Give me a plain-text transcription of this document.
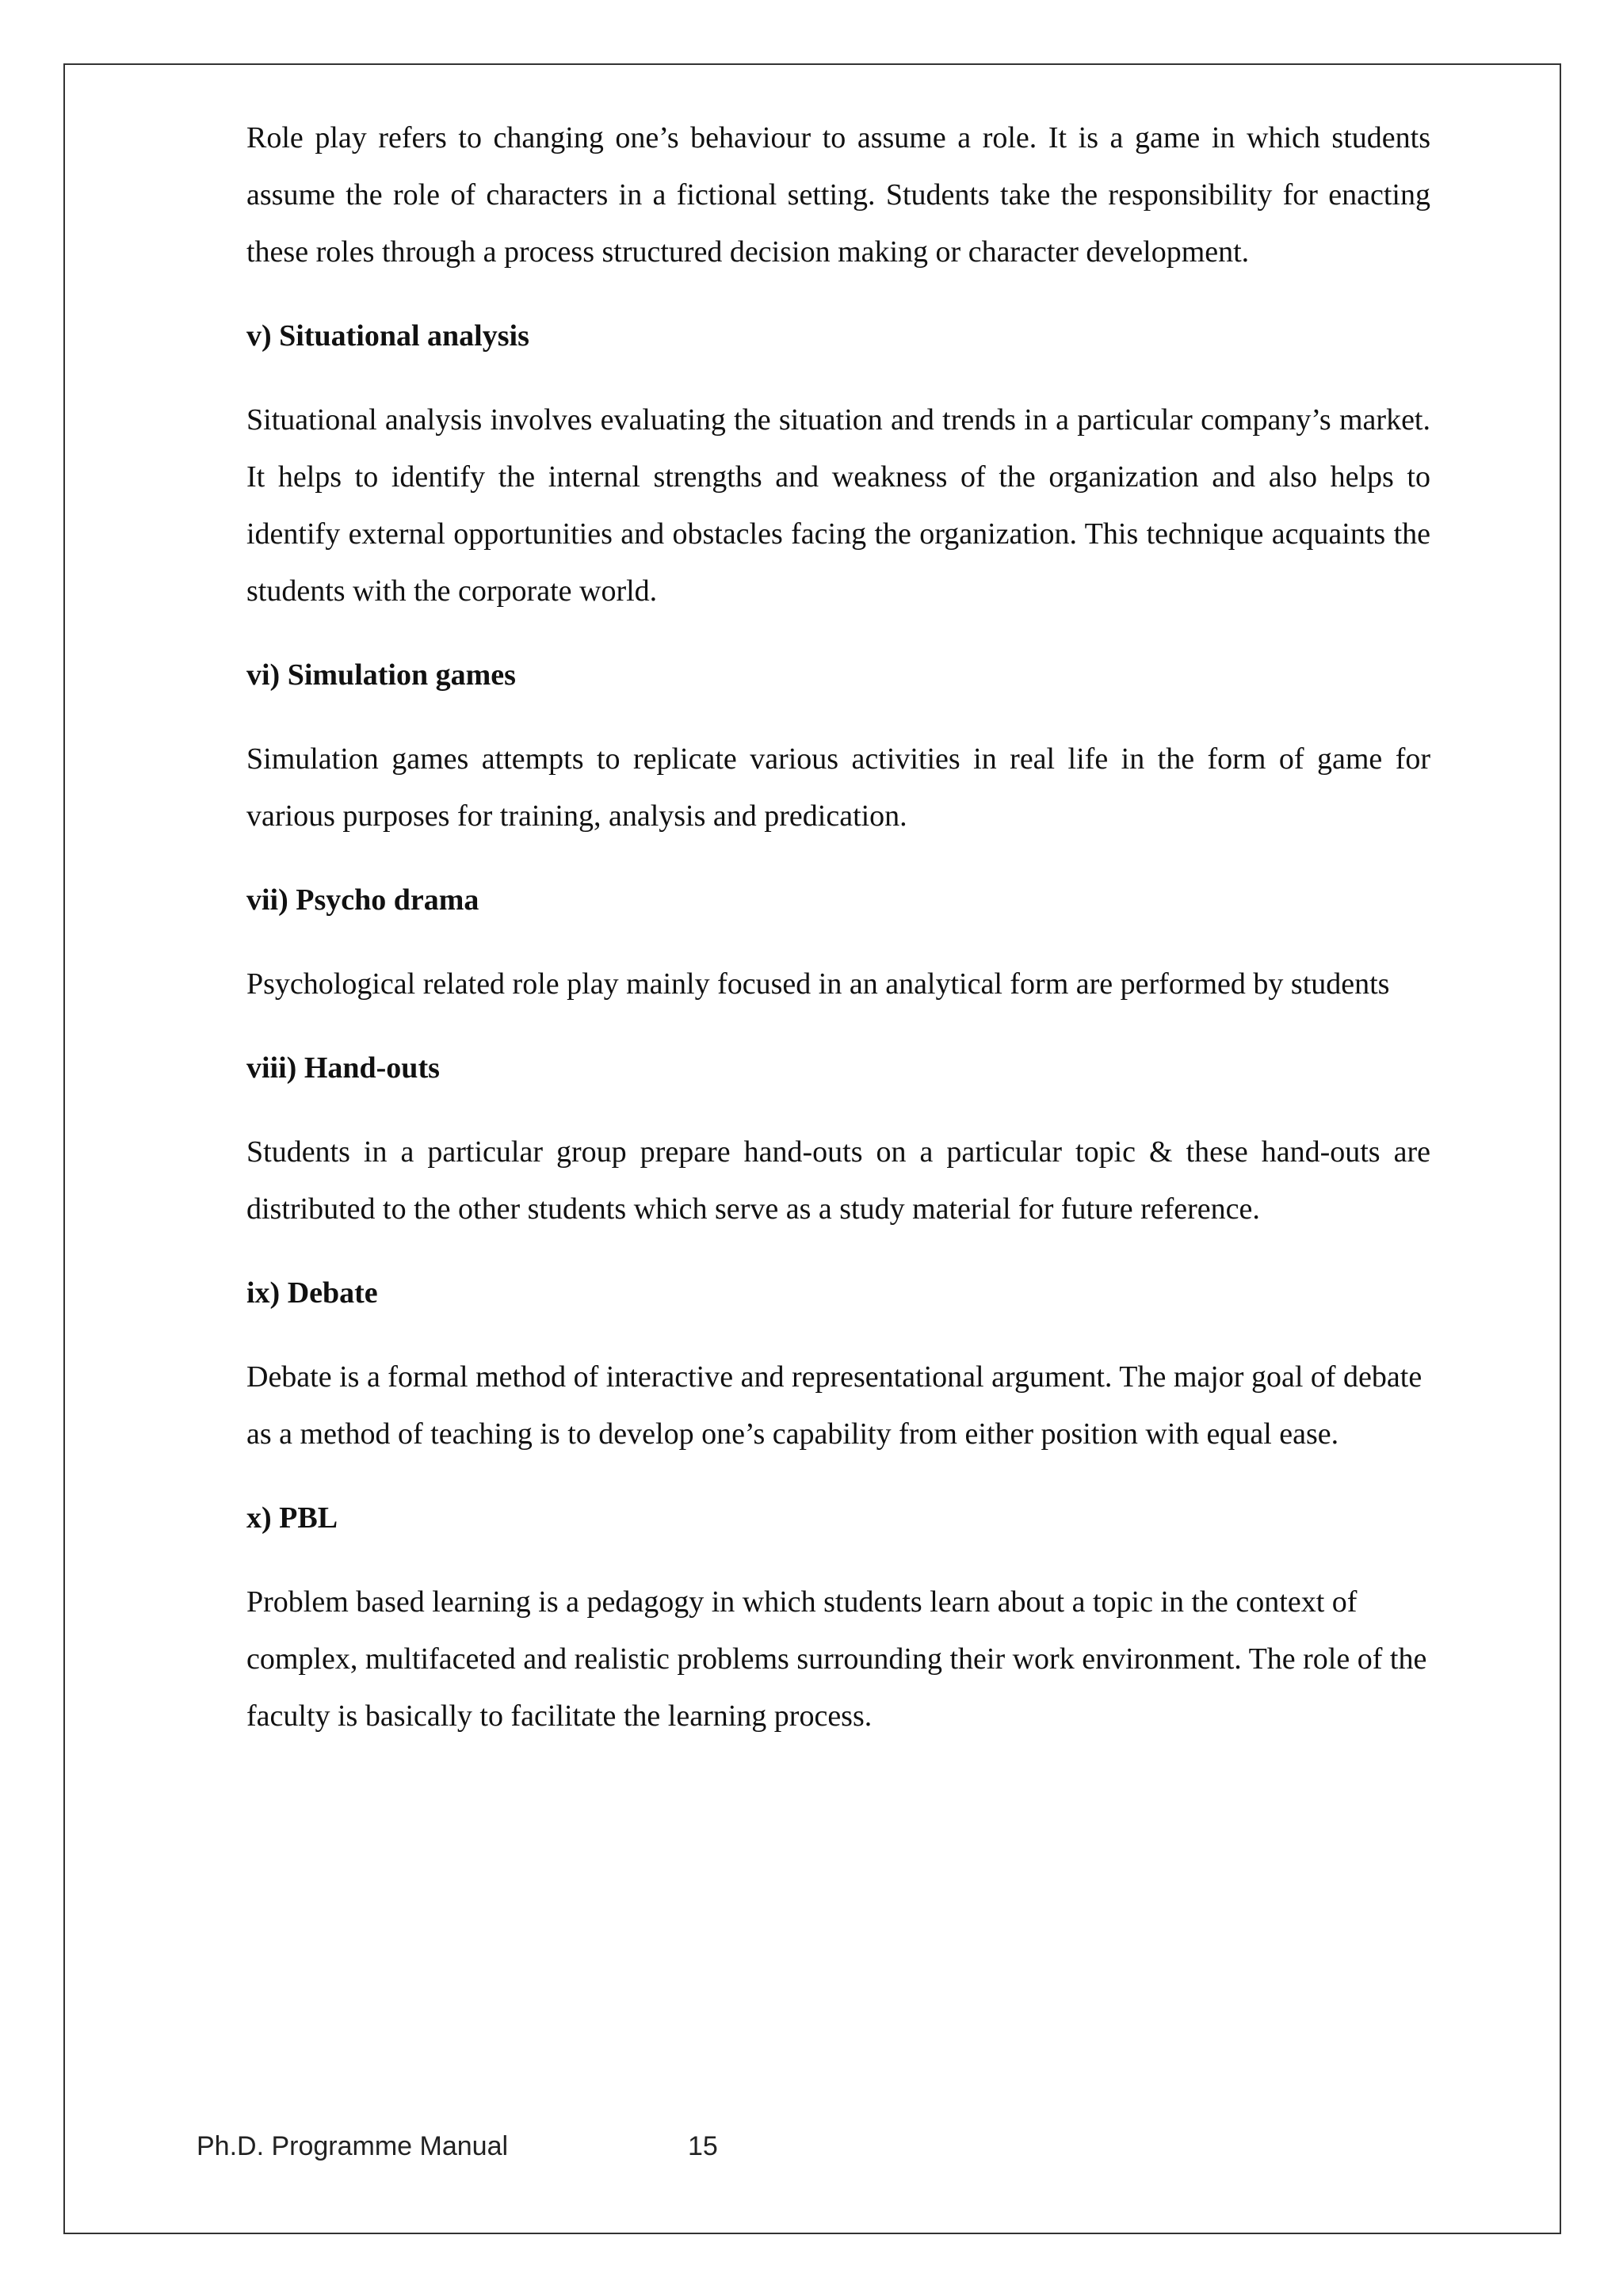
Role play refers to changing one’s behaviour to assume a role. It is a game in which students assume the role of characters in a fictional setting. Students take the responsibility for enacting these roles through a process structured decision making or character development.

v) Situational analysis

Situational analysis involves evaluating the situation and trends in a particular company’s market. It helps to identify the internal strengths and weakness of the organization and also helps to identify external opportunities and obstacles facing the organization. This technique acquaints the students with the corporate world.

vi) Simulation games

Simulation games attempts to replicate various activities in real life in the form of game for various purposes for training, analysis and predication.

vii) Psycho drama

Psychological related role play mainly focused in an analytical form are performed by students

viii) Hand-outs

Students in a particular group prepare hand-outs on a particular topic & these hand-outs are distributed to the other students which serve as a study material for future reference.

ix) Debate

Debate is a formal method of interactive and representational argument. The major goal of debate as a method of teaching is to develop one’s capability from either position with equal ease.

x) PBL

Problem based learning is a pedagogy in which students learn about a topic in the context of complex, multifaceted and realistic problems surrounding their work environment. The role of the faculty is basically to facilitate the learning process.

Ph.D. Programme Manual	15
